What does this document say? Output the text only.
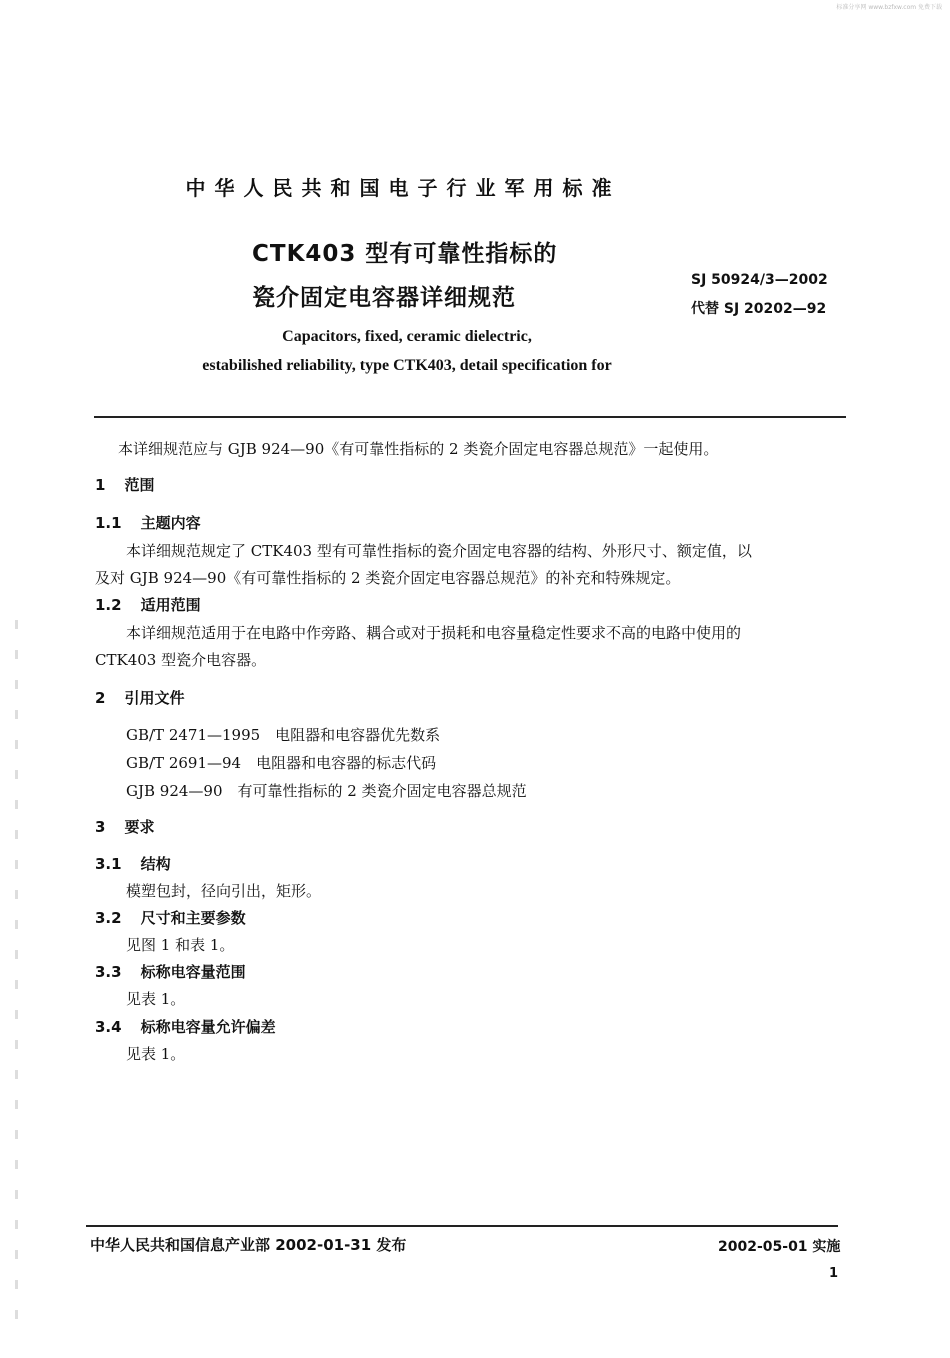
标准分享网 www.bzfxw.com 免费下载
中华人民共和国电子行业军用标准
CTK403 型有可靠性指标的
瓷介固定电容器详细规范
SJ 50924/3—2002
代替 SJ 20202—92
Capacitors, fixed, ceramic dielectric,
estabilished reliability, type CTK403, detail specification for
本详细规范应与 GJB 924—90《有可靠性指标的 2 类瓷介固定电容器总规范》一起使用。
1 范围
1.1 主题内容
本详细规范规定了 CTK403 型有可靠性指标的瓷介固定电容器的结构、外形尺寸、额定值，以
及对 GJB 924—90《有可靠性指标的 2 类瓷介固定电容器总规范》的补充和特殊规定。
1.2 适用范围
本详细规范适用于在电路中作旁路、耦合或对于损耗和电容量稳定性要求不高的电路中使用的
CTK403 型瓷介电容器。
2 引用文件
GB/T 2471—1995　电阻器和电容器优先数系
GB/T 2691—94　电阻器和电容器的标志代码
GJB 924—90　有可靠性指标的 2 类瓷介固定电容器总规范
3 要求
3.1 结构
模塑包封，径向引出，矩形。
3.2 尺寸和主要参数
见图 1 和表 1。
3.3 标称电容量范围
见表 1。
3.4 标称电容量允许偏差
见表 1。
中华人民共和国信息产业部 2002-01-31 发布	2002-05-01 实施
1
